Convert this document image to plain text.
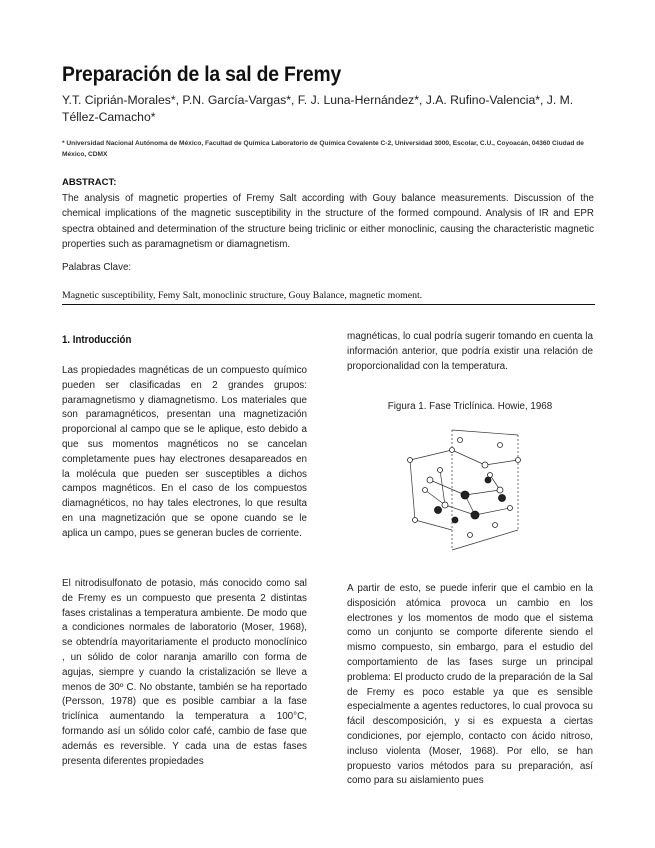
Preparación de la sal de Fremy
Y.T. Ciprián-Morales*, P.N. García-Vargas*, F. J. Luna-Hernández*, J.A. Rufino-Valencia*, J. M. Téllez-Camacho*
* Universidad Nacional Autónoma de México, Facultad de Química Laboratorio de Química Covalente C-2, Universidad 3000, Escolar, C.U., Coyoacán, 04360 Ciudad de México, CDMX
ABSTRACT:
The analysis of magnetic properties of Fremy Salt according with Gouy balance measurements. Discussion of the chemical implications of the magnetic susceptibility in the structure of the formed compound. Analysis of IR and EPR spectra obtained and determination of the structure being triclinic or either monoclinic, causing the characteristic magnetic properties such as paramagnetism or diamagnetism.
Palabras Clave:
Magnetic susceptibility, Femy Salt, monoclinic structure, Gouy Balance, magnetic moment.
1. Introducción
Las propiedades magnéticas de un compuesto químico pueden ser clasificadas en 2 grandes grupos: paramagnetismo y diamagnetismo. Los materiales que son paramagnéticos, presentan una magnetización proporcional al campo que se le aplique, esto debido a que sus momentos magnéticos no se cancelan completamente pues hay electrones desapareados en la molécula que pueden ser susceptibles a dichos campos magnéticos. En el caso de los compuestos diamagnéticos, no hay tales electrones, lo que resulta en una magnetización que se opone cuando se le aplica un campo, pues se generan bucles de corriente.
El nitrodisulfonato de potasio, más conocido como sal de Fremy es un compuesto que presenta 2 distintas fases cristalinas a temperatura ambiente. De modo que a condiciones normales de laboratorio (Moser, 1968), se obtendría mayoritariamente el producto monoclínico , un sólido de color naranja amarillo con forma de agujas, siempre y cuando la cristalización se lleve a menos de 30º C. No obstante, también se ha reportado (Persson, 1978) que es posible cambiar a la fase triclínica aumentando la temperatura a 100°C, formando así un sólido color café, cambio de fase que además es reversible. Y cada una de estas fases presenta diferentes propiedades
magnéticas, lo cual podría sugerir tomando en cuenta la información anterior, que podría existir una relación de proporcionalidad con la temperatura.
Figura 1. Fase Triclínica. Howie, 1968
A partir de esto, se puede inferir que el cambio en la disposición atómica provoca un cambio en los electrones y los momentos de modo que el sistema como un conjunto se comporte diferente siendo el mismo compuesto, sin embargo, para el estudio del comportamiento de las fases surge un principal problema: El producto crudo de la preparación de la Sal de Fremy es poco estable ya que es sensible especialmente a agentes reductores, lo cual provoca su fácil descomposición, y si es expuesta a ciertas condiciones, por ejemplo, contacto con ácido nitroso, incluso violenta (Moser, 1968). Por ello, se han propuesto varios métodos para su preparación, así como para su aislamiento pues
